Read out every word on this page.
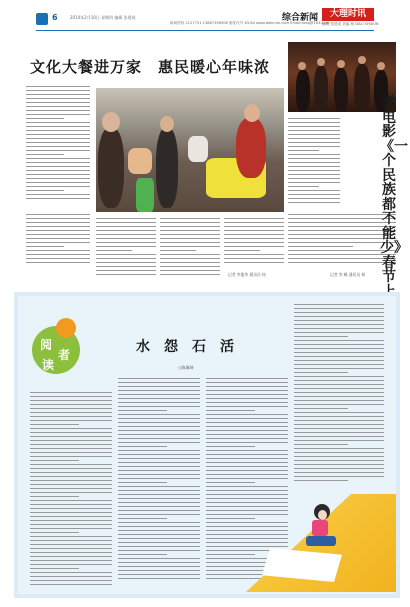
6	2014年2月10日 星期四 编辑 张建成
新闻热线 2127751 13887356906 邮发代号 63-64 www.dalinum.com Email:dxsg@163.com
综合新闻	大理时讯
编辑 张建成 美编 杨 DALI SHIXUN
文化大餐进万家　惠民暖心年味浓
记者 李俊华 通讯员 杨	记者 李 峰 通讯员 杨
微电影《一个民族都不能少》春节
阅
者
读
水怨石活
○陈瑞坤
